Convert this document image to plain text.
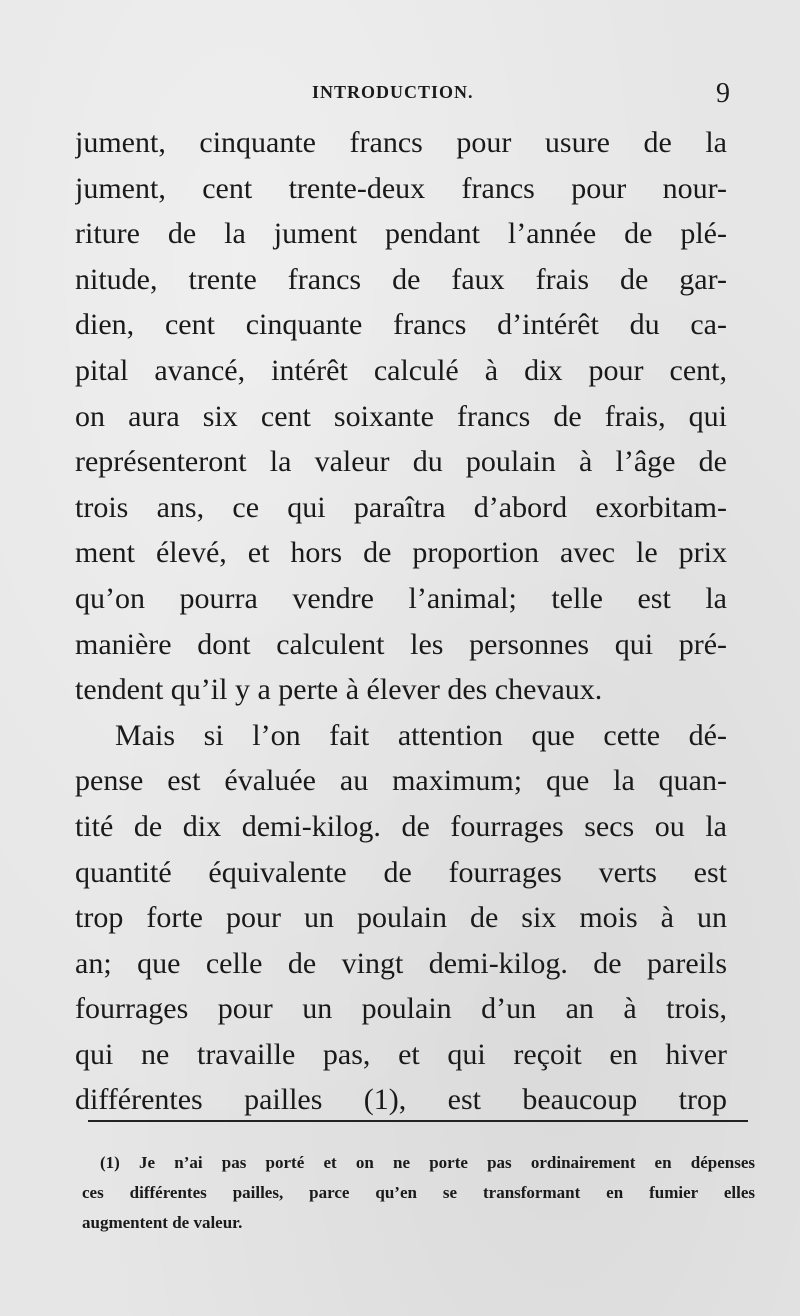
INTRODUCTION.	9
jument, cinquante francs pour usure de la
jument, cent trente-deux francs pour nour-
riture de la jument pendant l’année de plé-
nitude, trente francs de faux frais de gar-
dien, cent cinquante francs d’intérêt du ca-
pital avancé, intérêt calculé à dix pour cent,
on aura six cent soixante francs de frais, qui
représenteront la valeur du poulain à l’âge de
trois ans, ce qui paraîtra d’abord exorbitam-
ment élevé, et hors de proportion avec le prix
qu’on pourra vendre l’animal; telle est la
manière dont calculent les personnes qui pré-
tendent qu’il y a perte à élever des chevaux.
Mais si l’on fait attention que cette dé-
pense est évaluée au maximum; que la quan-
tité de dix demi-kilog. de fourrages secs ou la
quantité équivalente de fourrages verts est
trop forte pour un poulain de six mois à un
an; que celle de vingt demi-kilog. de pareils
fourrages pour un poulain d’un an à trois,
qui ne travaille pas, et qui reçoit en hiver
différentes pailles (1), est beaucoup trop
(1) Je n’ai pas porté et on ne porte pas ordinairement en dépenses
ces différentes pailles, parce qu’en se transformant en fumier elles
augmentent de valeur.
